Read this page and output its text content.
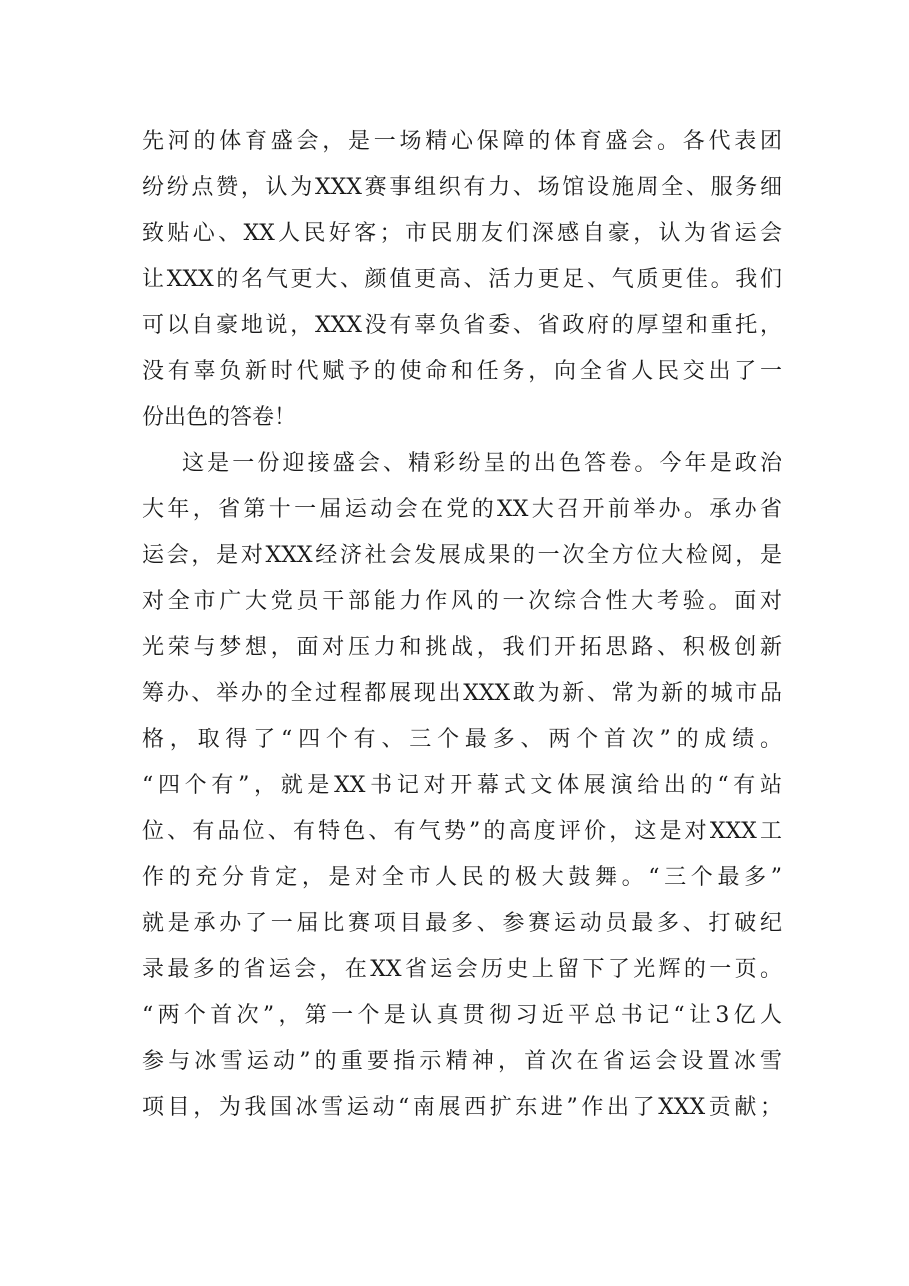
先河的体育盛会，是一场精心保障的体育盛会。各代表团
纷纷点赞，认为XXX赛事组织有力、场馆设施周全、服务细
致贴心、XX人民好客；市民朋友们深感自豪，认为省运会
让XXX的名气更大、颜值更高、活力更足、气质更佳。我们
可以自豪地说，XXX没有辜负省委、省政府的厚望和重托，
没有辜负新时代赋予的使命和任务，向全省人民交出了一
份出色的答卷！
这是一份迎接盛会、精彩纷呈的出色答卷。今年是政治
大年，省第十一届运动会在党的XX大召开前举办。承办省
运会，是对XXX经济社会发展成果的一次全方位大检阅，是
对全市广大党员干部能力作风的一次综合性大考验。面对
光荣与梦想，面对压力和挑战，我们开拓思路、积极创新
筹办、举办的全过程都展现出XXX敢为新、常为新的城市品
格，取得了“四个有、三个最多、两个首次”的成绩。
“四个有”，就是XX书记对开幕式文体展演给出的“有站
位、有品位、有特色、有气势”的高度评价，这是对XXX工
作的充分肯定，是对全市人民的极大鼓舞。“三个最多”
就是承办了一届比赛项目最多、参赛运动员最多、打破纪
录最多的省运会，在XX省运会历史上留下了光辉的一页。
“两个首次”，第一个是认真贯彻习近平总书记“让3亿人
参与冰雪运动”的重要指示精神，首次在省运会设置冰雪
项目，为我国冰雪运动“南展西扩东进”作出了XXX贡献；
